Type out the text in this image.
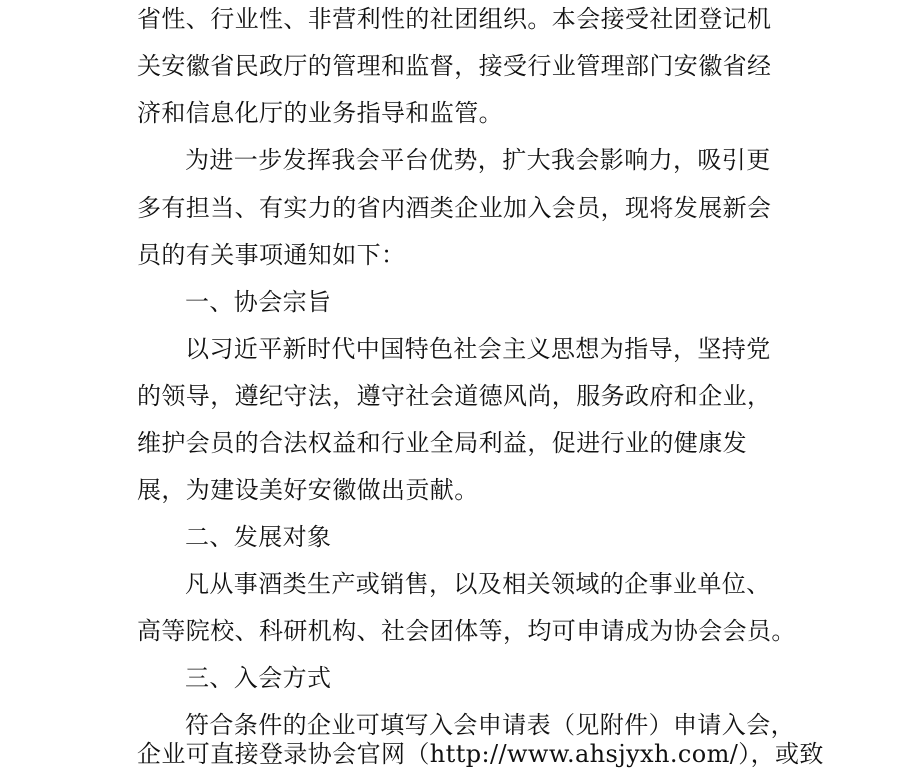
省性、行业性、非营利性的社团组织。本会接受社团登记机
关安徽省民政厅的管理和监督，接受行业管理部门安徽省经
济和信息化厅的业务指导和监管。
为进一步发挥我会平台优势，扩大我会影响力，吸引更
多有担当、有实力的省内酒类企业加入会员，现将发展新会
员的有关事项通知如下：
一、协会宗旨
以习近平新时代中国特色社会主义思想为指导，坚持党
的领导，遵纪守法，遵守社会道德风尚，服务政府和企业，
维护会员的合法权益和行业全局利益，促进行业的健康发
展，为建设美好安徽做出贡献。
二、发展对象
凡从事酒类生产或销售，以及相关领域的企事业单位、
高等院校、科研机构、社会团体等，均可申请成为协会会员。
三、入会方式
符合条件的企业可填写入会申请表（见附件）申请入会，
企业可直接登录协会官网（http://www.ahsjyxh.com/），或致
